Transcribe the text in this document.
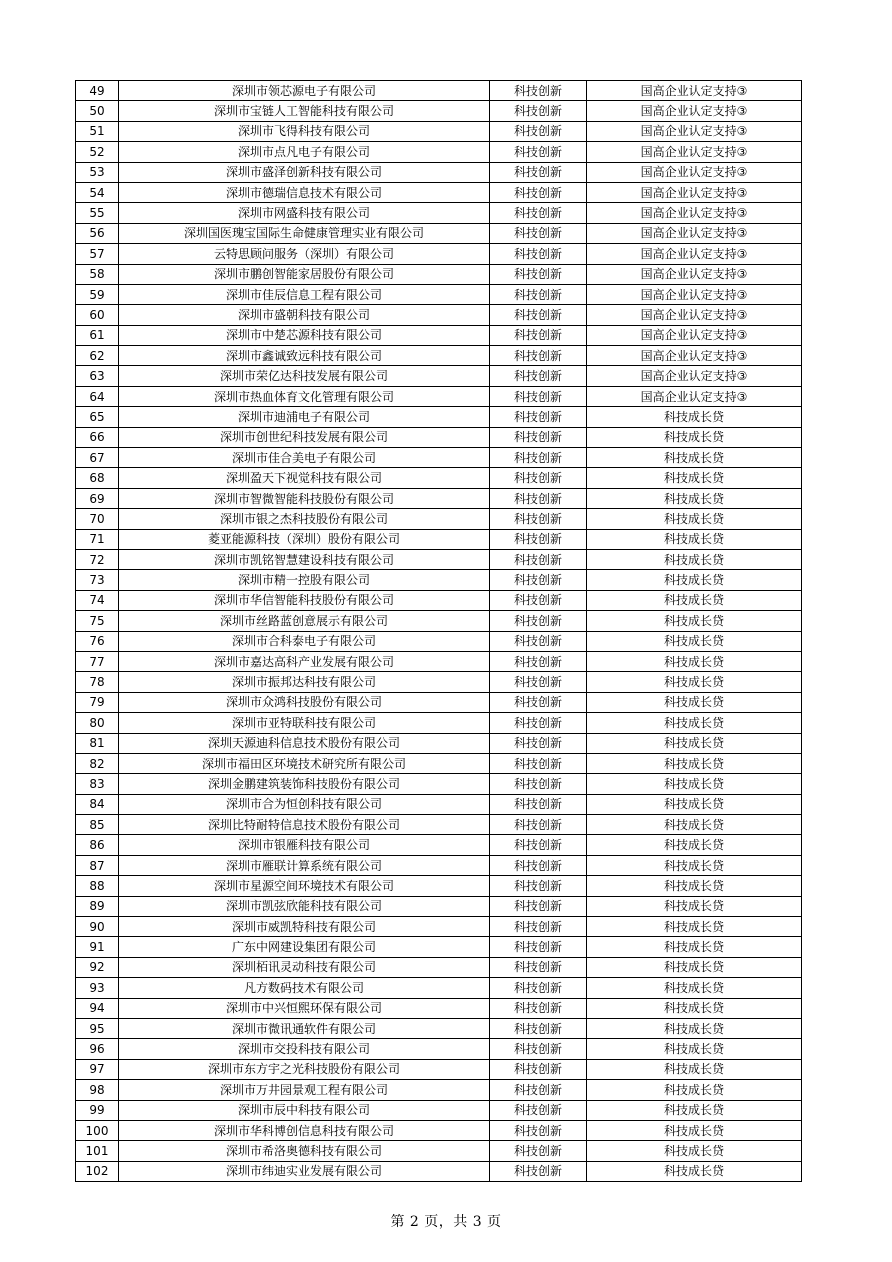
49	深圳市领芯源电子有限公司	科技创新	国高企业认定支持③
50	深圳市宝链人工智能科技有限公司	科技创新	国高企业认定支持③
51	深圳市飞得科技有限公司	科技创新	国高企业认定支持③
52	深圳市点凡电子有限公司	科技创新	国高企业认定支持③
53	深圳市盛泽创新科技有限公司	科技创新	国高企业认定支持③
54	深圳市德瑞信息技术有限公司	科技创新	国高企业认定支持③
55	深圳市网盛科技有限公司	科技创新	国高企业认定支持③
56	深圳国医瑰宝国际生命健康管理实业有限公司	科技创新	国高企业认定支持③
57	云特思顾问服务（深圳）有限公司	科技创新	国高企业认定支持③
58	深圳市鹏创智能家居股份有限公司	科技创新	国高企业认定支持③
59	深圳市佳辰信息工程有限公司	科技创新	国高企业认定支持③
60	深圳市盛朝科技有限公司	科技创新	国高企业认定支持③
61	深圳市中楚芯源科技有限公司	科技创新	国高企业认定支持③
62	深圳市鑫诚致远科技有限公司	科技创新	国高企业认定支持③
63	深圳市荣亿达科技发展有限公司	科技创新	国高企业认定支持③
64	深圳市热血体育文化管理有限公司	科技创新	国高企业认定支持③
65	深圳市迪浦电子有限公司	科技创新	科技成长贷
66	深圳市创世纪科技发展有限公司	科技创新	科技成长贷
67	深圳市佳合美电子有限公司	科技创新	科技成长贷
68	深圳盈天下视觉科技有限公司	科技创新	科技成长贷
69	深圳市智微智能科技股份有限公司	科技创新	科技成长贷
70	深圳市银之杰科技股份有限公司	科技创新	科技成长贷
71	菱亚能源科技（深圳）股份有限公司	科技创新	科技成长贷
72	深圳市凯铭智慧建设科技有限公司	科技创新	科技成长贷
73	深圳市精一控股有限公司	科技创新	科技成长贷
74	深圳市华信智能科技股份有限公司	科技创新	科技成长贷
75	深圳市丝路蓝创意展示有限公司	科技创新	科技成长贷
76	深圳市合科泰电子有限公司	科技创新	科技成长贷
77	深圳市嘉达高科产业发展有限公司	科技创新	科技成长贷
78	深圳市振邦达科技有限公司	科技创新	科技成长贷
79	深圳市众鸿科技股份有限公司	科技创新	科技成长贷
80	深圳市亚特联科技有限公司	科技创新	科技成长贷
81	深圳天源迪科信息技术股份有限公司	科技创新	科技成长贷
82	深圳市福田区环境技术研究所有限公司	科技创新	科技成长贷
83	深圳金鹏建筑装饰科技股份有限公司	科技创新	科技成长贷
84	深圳市合为恒创科技有限公司	科技创新	科技成长贷
85	深圳比特耐特信息技术股份有限公司	科技创新	科技成长贷
86	深圳市银雁科技有限公司	科技创新	科技成长贷
87	深圳市雁联计算系统有限公司	科技创新	科技成长贷
88	深圳市星源空间环境技术有限公司	科技创新	科技成长贷
89	深圳市凯弦欣能科技有限公司	科技创新	科技成长贷
90	深圳市威凯特科技有限公司	科技创新	科技成长贷
91	广东中网建设集团有限公司	科技创新	科技成长贷
92	深圳栢讯灵动科技有限公司	科技创新	科技成长贷
93	凡方数码技术有限公司	科技创新	科技成长贷
94	深圳市中兴恒熙环保有限公司	科技创新	科技成长贷
95	深圳市微讯通软件有限公司	科技创新	科技成长贷
96	深圳市交投科技有限公司	科技创新	科技成长贷
97	深圳市东方宇之光科技股份有限公司	科技创新	科技成长贷
98	深圳市万井园景观工程有限公司	科技创新	科技成长贷
99	深圳市辰中科技有限公司	科技创新	科技成长贷
100	深圳市华科博创信息科技有限公司	科技创新	科技成长贷
101	深圳市希洛奥德科技有限公司	科技创新	科技成长贷
102	深圳市纬迪实业发展有限公司	科技创新	科技成长贷
第 2 页，共 3 页
